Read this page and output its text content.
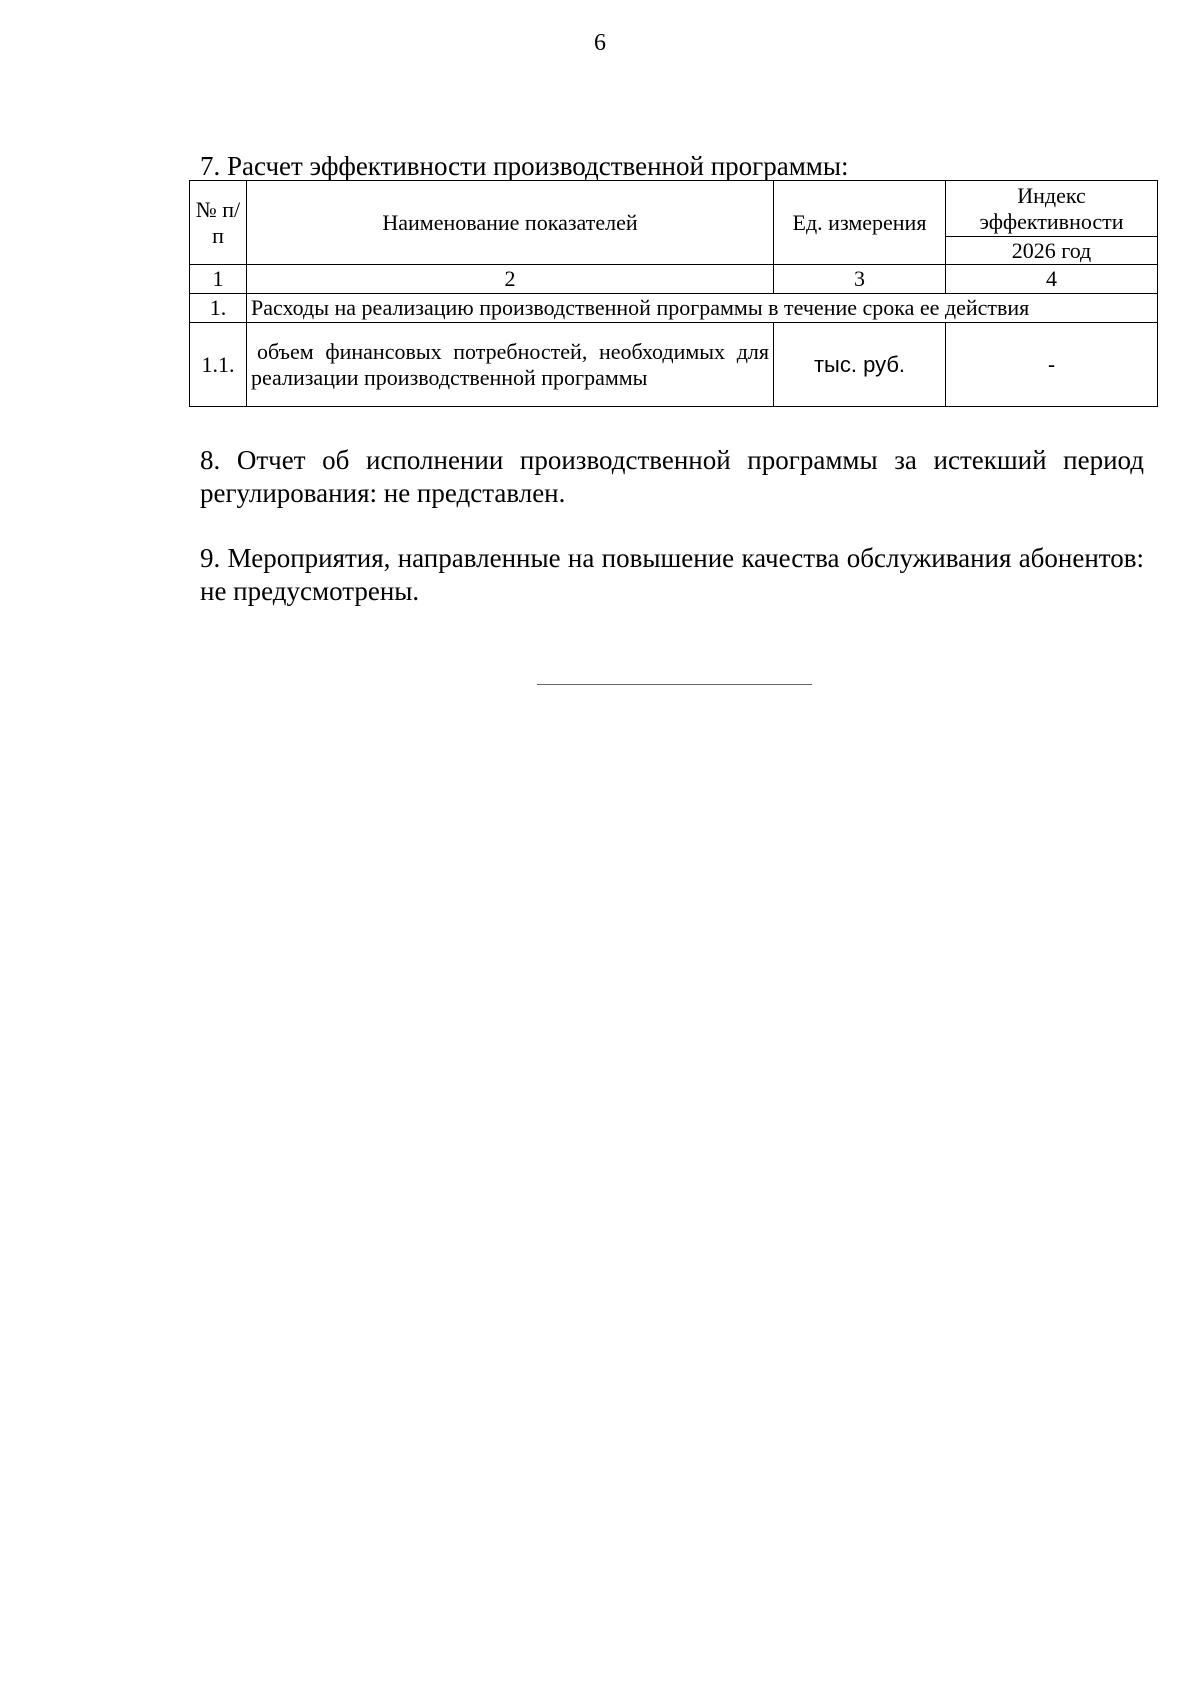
6
7. Расчет эффективности производственной программы:
№ п/п	Наименование показателей	Ед. измерения	Индекс эффективности
			2026 год
1	2	3	4
1.	Расходы на реализацию производственной программы в течение срока ее действия		
1.1.	объем финансовых потребностей, необходимых для реализации производственной программы	тыс. руб.	-

8. Отчет об исполнении производственной программы за истекший период регулирования: не представлен.

9. Мероприятия, направленные на повышение качества обслуживания абонентов: не предусмотрены.
